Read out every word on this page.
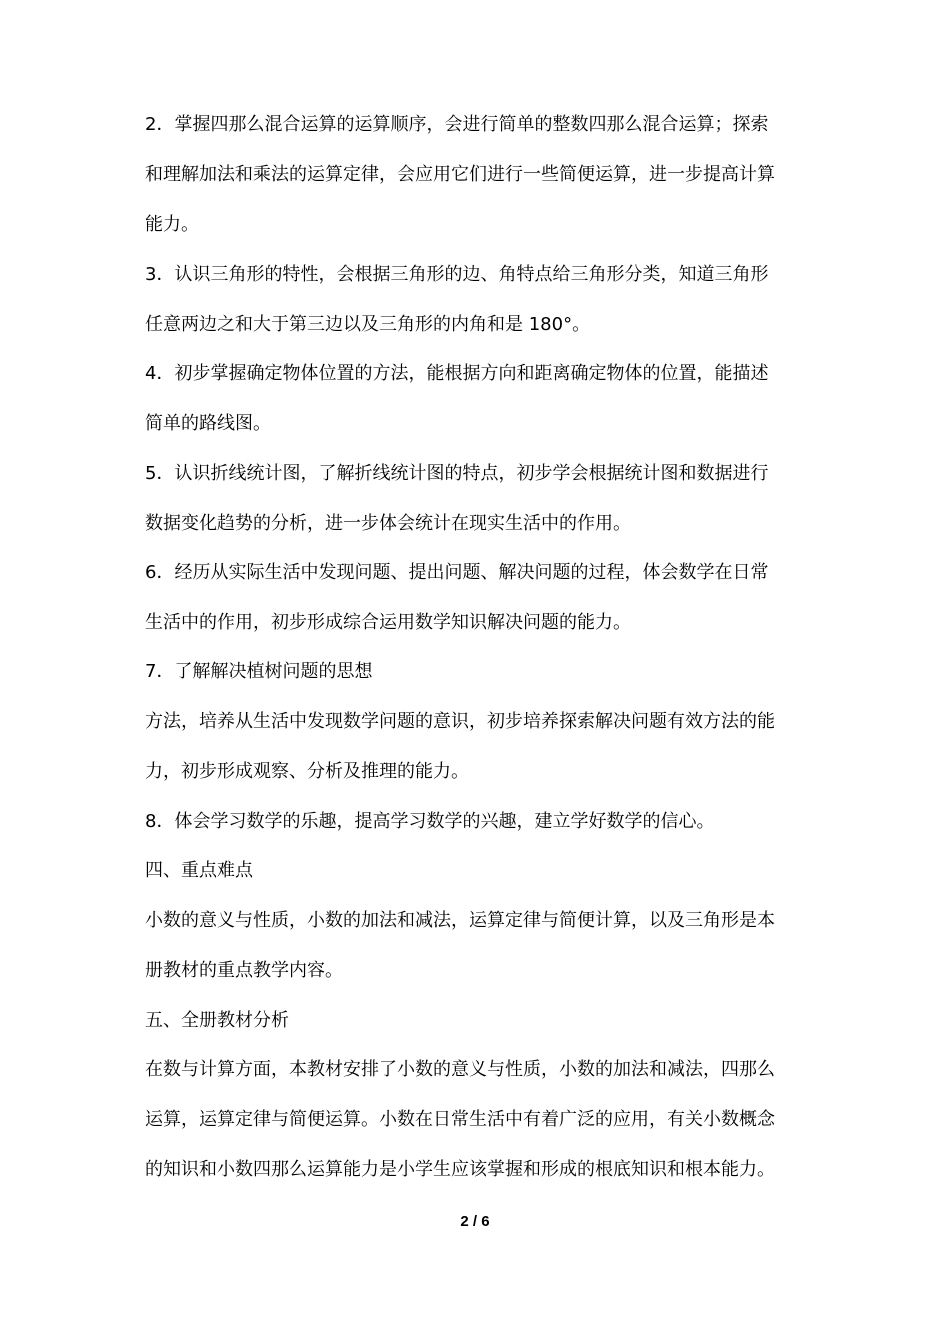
2．掌握四那么混合运算的运算顺序，会进行简单的整数四那么混合运算；探索
和理解加法和乘法的运算定律，会应用它们进行一些简便运算，进一步提高计算
能力。
3．认识三角形的特性，会根据三角形的边、角特点给三角形分类，知道三角形
任意两边之和大于第三边以及三角形的内角和是 180°。
4．初步掌握确定物体位置的方法，能根据方向和距离确定物体的位置，能描述
简单的路线图。
5．认识折线统计图，了解折线统计图的特点，初步学会根据统计图和数据进行
数据变化趋势的分析，进一步体会统计在现实生活中的作用。
6．经历从实际生活中发现问题、提出问题、解决问题的过程，体会数学在日常
生活中的作用，初步形成综合运用数学知识解决问题的能力。
7．了解解决植树问题的思想
方法，培养从生活中发现数学问题的意识，初步培养探索解决问题有效方法的能
力，初步形成观察、分析及推理的能力。
8．体会学习数学的乐趣，提高学习数学的兴趣，建立学好数学的信心。
四、重点难点
小数的意义与性质，小数的加法和减法，运算定律与简便计算，以及三角形是本
册教材的重点教学内容。
五、全册教材分析
在数与计算方面，本教材安排了小数的意义与性质，小数的加法和减法，四那么
运算，运算定律与简便运算。小数在日常生活中有着广泛的应用，有关小数概念
的知识和小数四那么运算能力是小学生应该掌握和形成的根底知识和根本能力。
2 / 6
